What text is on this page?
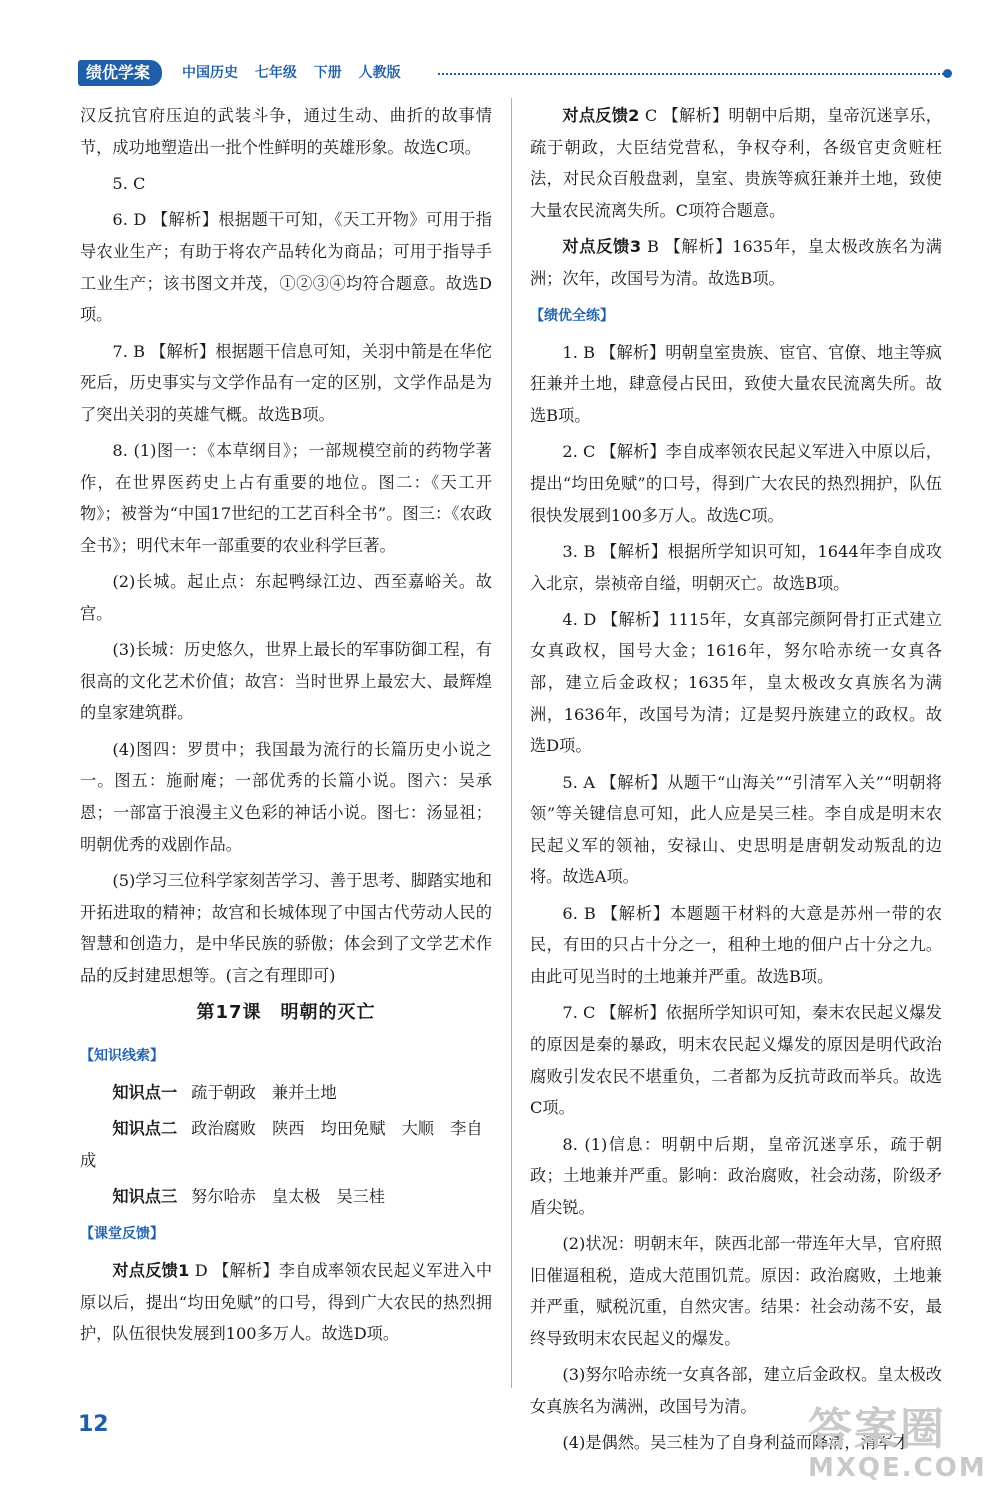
绩优学案	中国历史 七年级 下册 人教版

汉反抗官府压迫的武装斗争，通过生动、曲折的故事情节，成功地塑造出一批个性鲜明的英雄形象。故选C项。

5. C

6. D 【解析】根据题干可知，《天工开物》可用于指导农业生产；有助于将农产品转化为商品；可用于指导手工业生产；该书图文并茂，①②③④均符合题意。故选D项。

7. B 【解析】根据题干信息可知，关羽中箭是在华佗死后，历史事实与文学作品有一定的区别，文学作品是为了突出关羽的英雄气概。故选B项。

8. (1)图一：《本草纲目》；一部规模空前的药物学著作，在世界医药史上占有重要的地位。图二：《天工开物》；被誉为“中国17世纪的工艺百科全书”。图三：《农政全书》；明代末年一部重要的农业科学巨著。

(2)长城。起止点：东起鸭绿江边、西至嘉峪关。故宫。

(3)长城：历史悠久，世界上最长的军事防御工程，有很高的文化艺术价值；故宫：当时世界上最宏大、最辉煌的皇家建筑群。

(4)图四：罗贯中；我国最为流行的长篇历史小说之一。图五：施耐庵；一部优秀的长篇小说。图六：吴承恩；一部富于浪漫主义色彩的神话小说。图七：汤显祖；明朝优秀的戏剧作品。

(5)学习三位科学家刻苦学习、善于思考、脚踏实地和开拓进取的精神；故宫和长城体现了中国古代劳动人民的智慧和创造力，是中华民族的骄傲；体会到了文学艺术作品的反封建思想等。(言之有理即可)

第17课　明朝的灭亡
【知识线索】
知识点一 疏于朝政 兼并土地
知识点二 政治腐败　陕西　均田免赋　大顺　李自成
知识点三 努尔哈赤 皇太极 吴三桂
【课堂反馈】

对点反馈1 D 【解析】李自成率领农民起义军进入中原以后，提出“均田免赋”的口号，得到广大农民的热烈拥护，队伍很快发展到100多万人。故选D项。

对点反馈2 C 【解析】明朝中后期，皇帝沉迷享乐，疏于朝政，大臣结党营私，争权夺利，各级官吏贪赃枉法，对民众百般盘剥，皇室、贵族等疯狂兼并土地，致使大量农民流离失所。C项符合题意。

对点反馈3 B 【解析】1635年，皇太极改族名为满洲；次年，改国号为清。故选B项。

【绩优全练】

1. B 【解析】明朝皇室贵族、宦官、官僚、地主等疯狂兼并土地，肆意侵占民田，致使大量农民流离失所。故选B项。

2. C 【解析】李自成率领农民起义军进入中原以后，提出“均田免赋”的口号，得到广大农民的热烈拥护，队伍很快发展到100多万人。故选C项。

3. B 【解析】根据所学知识可知，1644年李自成攻入北京，崇祯帝自缢，明朝灭亡。故选B项。

4. D 【解析】1115年，女真部完颜阿骨打正式建立女真政权，国号大金；1616年，努尔哈赤统一女真各部，建立后金政权；1635年，皇太极改女真族名为满洲，1636年，改国号为清；辽是契丹族建立的政权。故选D项。

5. A 【解析】从题干“山海关”“引清军入关”“明朝将领”等关键信息可知，此人应是吴三桂。李自成是明末农民起义军的领袖，安禄山、史思明是唐朝发动叛乱的边将。故选A项。

6. B 【解析】本题题干材料的大意是苏州一带的农民，有田的只占十分之一，租种土地的佃户占十分之九。由此可见当时的土地兼并严重。故选B项。

7. C 【解析】依据所学知识可知，秦末农民起义爆发的原因是秦的暴政，明末农民起义爆发的原因是明代政治腐败引发农民不堪重负，二者都为反抗苛政而举兵。故选C项。

8. (1)信息：明朝中后期，皇帝沉迷享乐，疏于朝政；土地兼并严重。影响：政治腐败，社会动荡，阶级矛盾尖锐。

(2)状况：明朝末年，陕西北部一带连年大旱，官府照旧催逼租税，造成大范围饥荒。原因：政治腐败，土地兼并严重，赋税沉重，自然灾害。结果：社会动荡不安，最终导致明末农民起义的爆发。

(3)努尔哈赤统一女真各部，建立后金政权。皇太极改女真族名为满洲，改国号为清。

(4)是偶然。吴三桂为了自身利益而降清，清军才

12	答案圈
MXQE.COM
